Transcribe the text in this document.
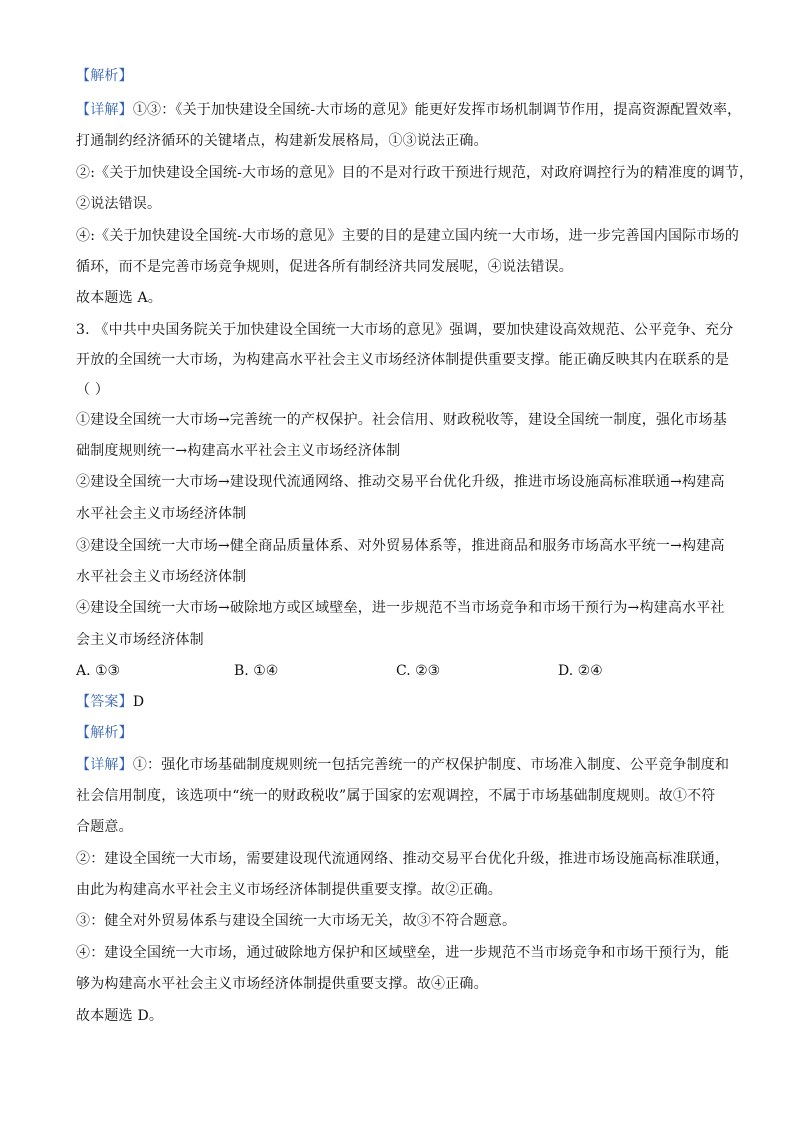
【解析】
【详解】①③：《关于加快建设全国统-大市场的意见》能更好发挥市场机制调节作用，提高资源配置效率，
打通制约经济循环的关键堵点，构建新发展格局，①③说法正确。
②:《关于加快建设全国统-大市场的意见》目的不是对行政干预进行规范，对政府调控行为的精准度的调节，
②说法错误。
④:《关于加快建设全国统-大市场的意见》主要的目的是建立国内统一大市场，进一步完善国内国际市场的
循环，而不是完善市场竞争规则，促进各所有制经济共同发展呢，④说法错误。
故本题选 A。
3. 《中共中央国务院关于加快建设全国统一大市场的意见》强调，要加快建设高效规范、公平竞争、充分
开放的全国统一大市场，为构建高水平社会主义市场经济体制提供重要支撑。能正确反映其内在联系的是
（ ）
①建设全国统一大市场→完善统一的产权保护。社会信用、财政税收等，建设全国统一制度，强化市场基
础制度规则统一→构建高水平社会主义市场经济体制
②建设全国统一大市场→建设现代流通网络、推动交易平台优化升级，推进市场设施高标准联通→构建高
水平社会主义市场经济体制
③建设全国统一大市场→健全商品质量体系、对外贸易体系等，推进商品和服务市场高水平统一→构建高
水平社会主义市场经济体制
④建设全国统一大市场→破除地方或区域壁垒，进一步规范不当市场竞争和市场干预行为→构建高水平社
会主义市场经济体制
A. ①③	B. ①④	C. ②③	D. ②④
【答案】D
【解析】
【详解】①：强化市场基础制度规则统一包括完善统一的产权保护制度、市场准入制度、公平竞争制度和
社会信用制度，该选项中“统一的财政税收”属于国家的宏观调控，不属于市场基础制度规则。故①不符
合题意。
②：建设全国统一大市场，需要建设现代流通网络、推动交易平台优化升级，推进市场设施高标准联通，
由此为构建高水平社会主义市场经济体制提供重要支撑。故②正确。
③：健全对外贸易体系与建设全国统一大市场无关，故③不符合题意。
④：建设全国统一大市场，通过破除地方保护和区域壁垒，进一步规范不当市场竞争和市场干预行为，能
够为构建高水平社会主义市场经济体制提供重要支撑。故④正确。
故本题选 D。
